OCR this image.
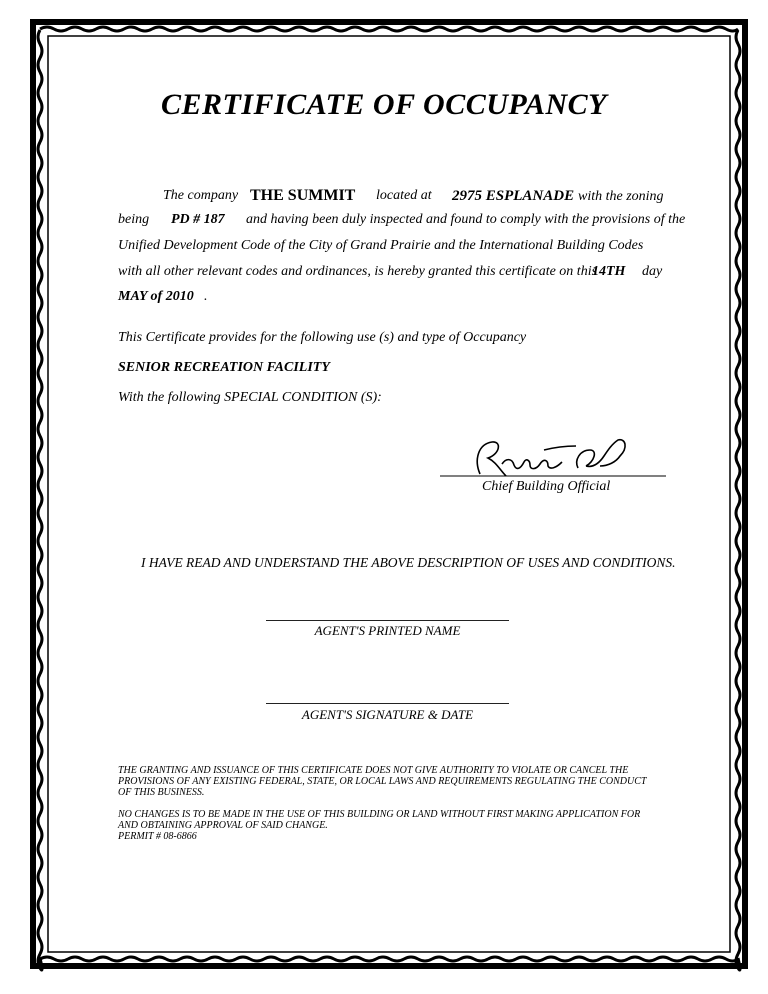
CERTIFICATE OF OCCUPANCY
The company THE SUMMIT located at 2975 ESPLANADE with the zoning
being PD # 187 and having been duly inspected and found to comply with the provisions of the
Unified Development Code of the City of Grand Prairie and the International Building Codes
with all other relevant codes and ordinances, is hereby granted this certificate on this
14TH day
MAY of 2010 .
This Certificate provides for the following use (s) and type of Occupancy
SENIOR RECREATION FACILITY
With the following SPECIAL CONDITION (S):
Chief Building Official
I HAVE READ AND UNDERSTAND THE ABOVE DESCRIPTION OF USES AND CONDITIONS.
AGENT'S PRINTED NAME
AGENT'S SIGNATURE & DATE
THE GRANTING AND ISSUANCE OF THIS CERTIFICATE DOES NOT GIVE AUTHORITY TO VIOLATE OR CANCEL THE
PROVISIONS OF ANY EXISTING FEDERAL, STATE, OR LOCAL LAWS AND REQUIREMENTS REGULATING THE CONDUCT
OF THIS BUSINESS.
NO CHANGES IS TO BE MADE IN THE USE OF THIS BUILDING OR LAND WITHOUT FIRST MAKING APPLICATION FOR
AND OBTAINING APPROVAL OF SAID CHANGE.
PERMIT # 08-6866
